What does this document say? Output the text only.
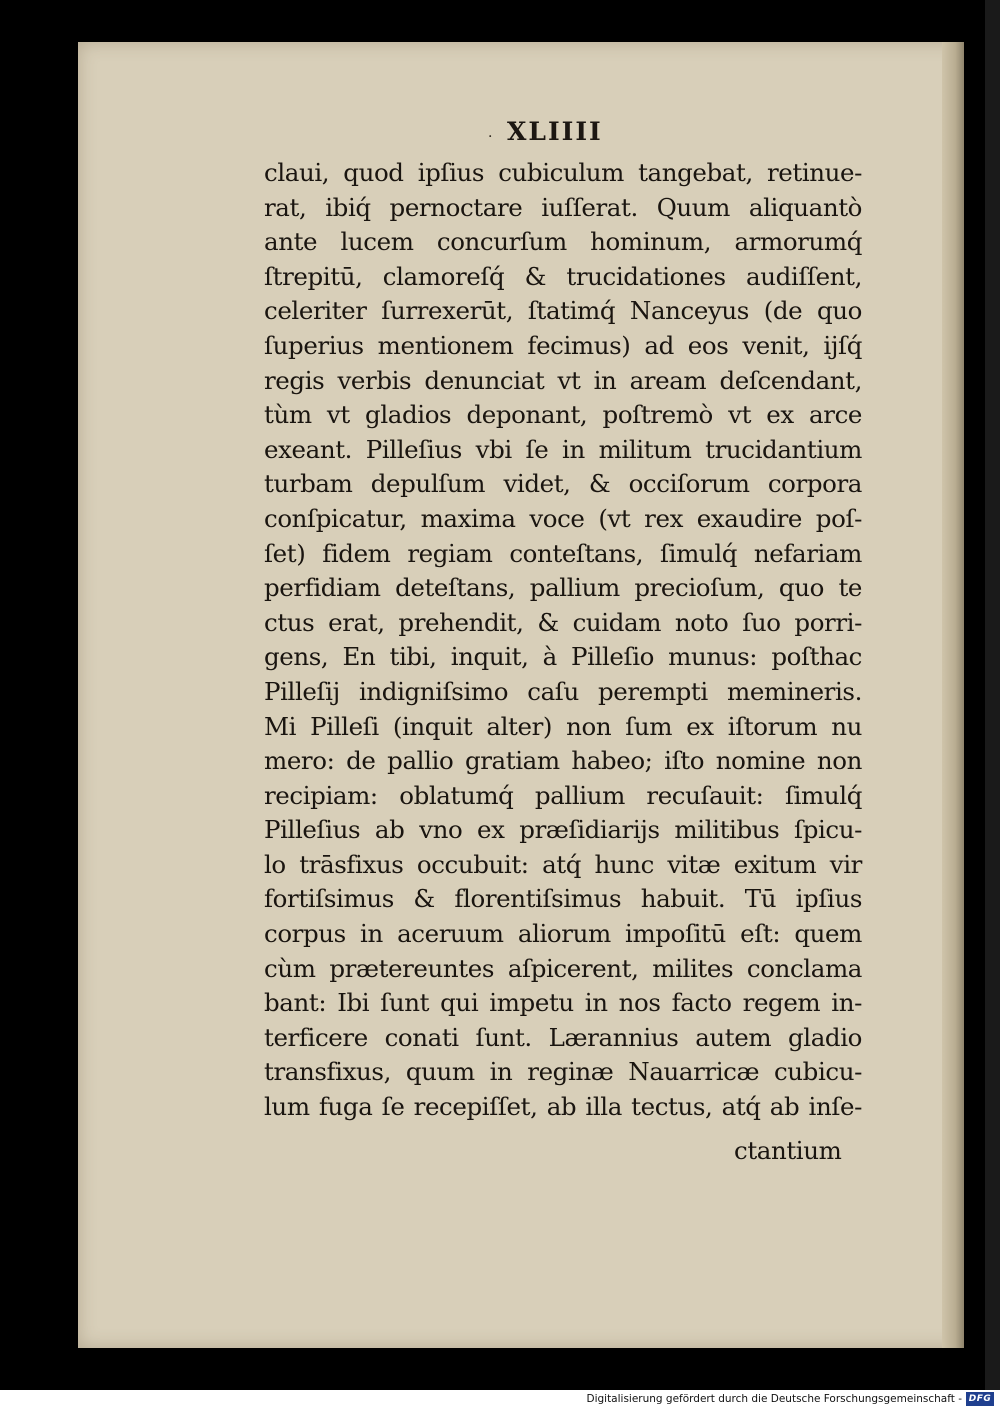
· XLIIII
claui, quod ipſius cubiculum tangebat, retinue-
rat, ibiq́ pernoctare iuſſerat. Quum aliquantò
ante lucem concurſum hominum, armorumq́
ſtrepitū, clamoreſq́ & trucidationes audiſſent,
celeriter ſurrexerūt, ſtatimq́ Nanceyus (de quo
ſuperius mentionem fecimus) ad eos venit, ijſq́
regis verbis denunciat vt in aream deſcendant,
tùm vt gladios deponant, poſtremò vt ex arce
exeant. Pilleſius vbi ſe in militum trucidantium
turbam depulſum videt, & occiſorum corpora
conſpicatur, maxima voce (vt rex exaudire poſ-
ſet) fidem regiam conteſtans, ſimulq́ nefariam
perfidiam deteſtans, pallium precioſum, quo te
ctus erat, prehendit, & cuidam noto ſuo porri-
gens, En tibi, inquit, à Pilleſio munus: poſthac
Pilleſij indigniſsimo caſu perempti memineris.
Mi Pilleſi (inquit alter) non ſum ex iſtorum nu
mero: de pallio gratiam habeo; iſto nomine non
recipiam: oblatumq́ pallium recuſauit: ſimulq́
Pilleſius ab vno ex præſidiarijs militibus ſpicu-
lo trāsfixus occubuit: atq́ hunc vitæ exitum vir
fortiſsimus & florentiſsimus habuit. Tū ipſius
corpus in aceruum aliorum impoſitū eſt: quem
cùm prætereuntes aſpicerent, milites conclama
bant: Ibi ſunt qui impetu in nos facto regem in-
terficere conati ſunt. Lærannius autem gladio
transfixus, quum in reginæ Nauarricæ cubicu-
lum fuga ſe recepiſſet, ab illa tectus, atq́ ab inſe-
ctantium
Digitalisierung gefördert durch die Deutsche Forschungsgemeinschaft - DFG
